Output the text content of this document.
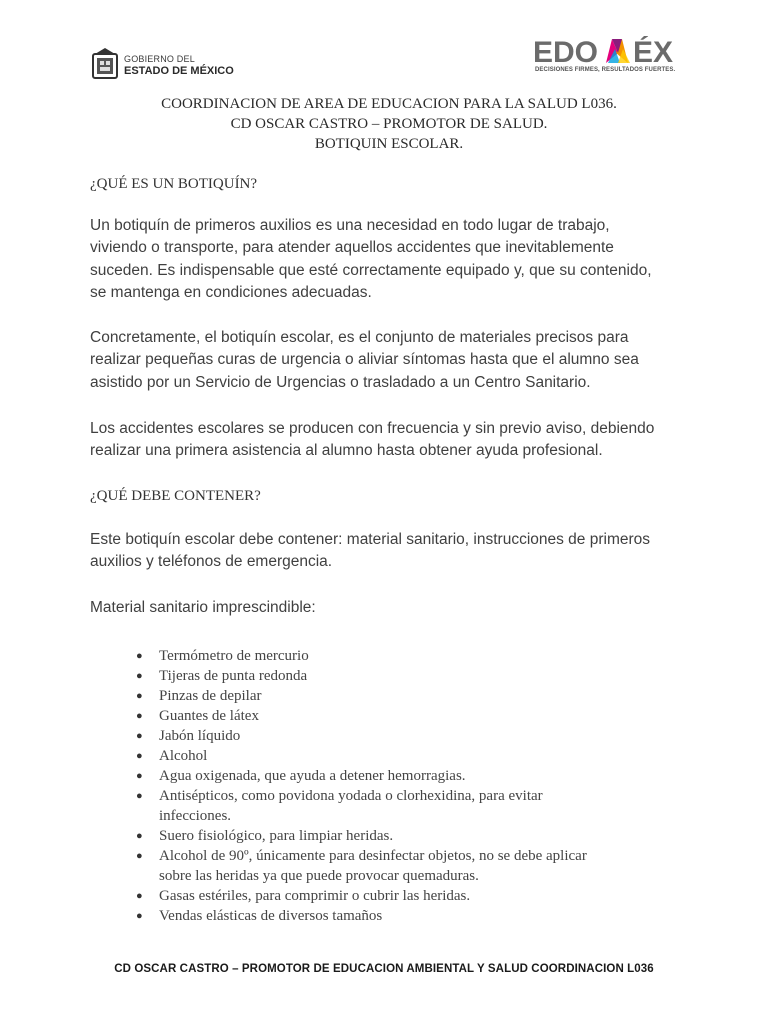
GOBIERNO DEL
ESTADO DE MÉXICO
EDO ÉX
DECISIONES FIRMES, RESULTADOS FUERTES.
COORDINACION DE AREA DE EDUCACION PARA LA SALUD L036.
CD OSCAR CASTRO – PROMOTOR DE SALUD.
BOTIQUIN ESCOLAR.
¿QUÉ ES UN BOTIQUÍN?
Un botiquín de primeros auxilios es una necesidad en todo lugar de trabajo,
viviendo o transporte, para atender aquellos accidentes que inevitablemente
suceden. Es indispensable que esté correctamente equipado y, que su contenido,
se mantenga en condiciones adecuadas.
Concretamente, el botiquín escolar, es el conjunto de materiales precisos para
realizar pequeñas curas de urgencia o aliviar síntomas hasta que el alumno sea
asistido por un Servicio de Urgencias o trasladado a un Centro Sanitario.
Los accidentes escolares se producen con frecuencia y sin previo aviso, debiendo
realizar una primera asistencia al alumno hasta obtener ayuda profesional.
¿QUÉ DEBE CONTENER?
Este botiquín escolar debe contener: material sanitario, instrucciones de primeros
auxilios y teléfonos de emergencia.
Material sanitario imprescindible:
● Termómetro de mercurio
● Tijeras de punta redonda
● Pinzas de depilar
● Guantes de látex
● Jabón líquido
● Alcohol
● Agua oxigenada, que ayuda a detener hemorragias.
● Antisépticos, como povidona yodada o clorhexidina, para evitar
infecciones.
● Suero fisiológico, para limpiar heridas.
● Alcohol de 90º, únicamente para desinfectar objetos, no se debe aplicar
sobre las heridas ya que puede provocar quemaduras.
● Gasas estériles, para comprimir o cubrir las heridas.
● Vendas elásticas de diversos tamaños
CD OSCAR CASTRO – PROMOTOR DE EDUCACION AMBIENTAL Y SALUD COORDINACION L036
